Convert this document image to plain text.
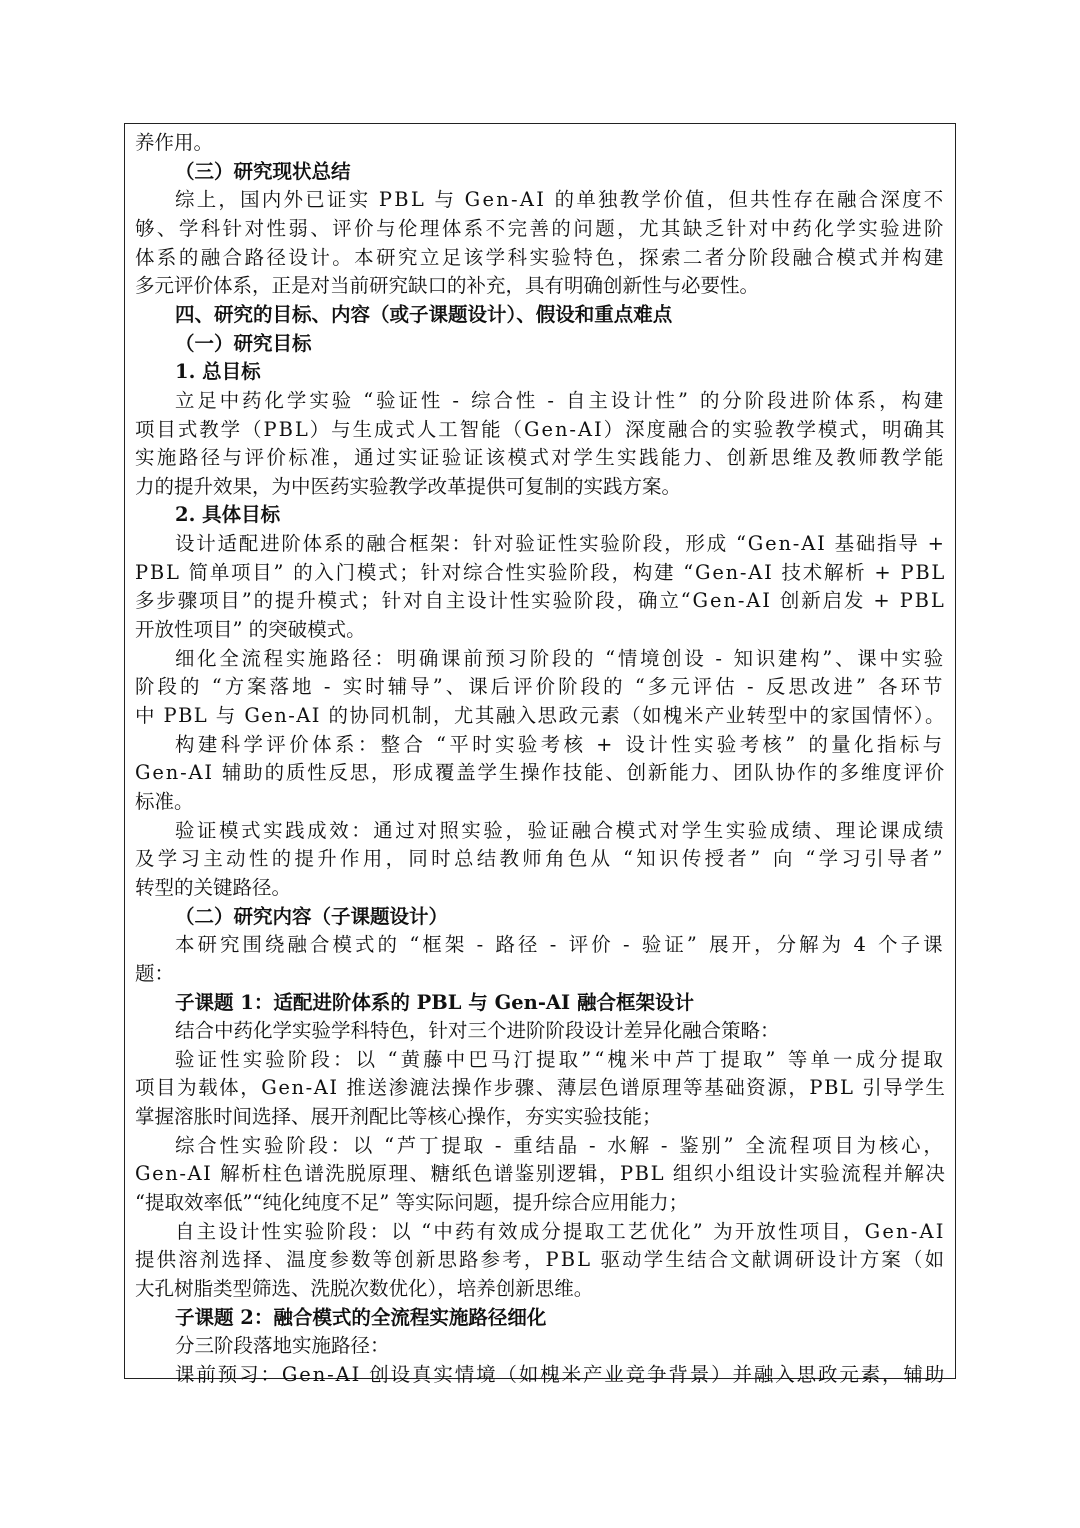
养作用。
（三）研究现状总结
综上，国内外已证实 PBL 与 Gen-AI 的单独教学价值，但共性存在融合深度不
够、学科针对性弱、评价与伦理体系不完善的问题，尤其缺乏针对中药化学实验进阶
体系的融合路径设计。本研究立足该学科实验特色，探索二者分阶段融合模式并构建
多元评价体系，正是对当前研究缺口的补充，具有明确创新性与必要性。
四、研究的目标、内容（或子课题设计）、假设和重点难点
（一）研究目标
1. 总目标
立足中药化学实验 “验证性 - 综合性 - 自主设计性” 的分阶段进阶体系，构建
项目式教学（PBL）与生成式人工智能（Gen-AI）深度融合的实验教学模式，明确其
实施路径与评价标准，通过实证验证该模式对学生实践能力、创新思维及教师教学能
力的提升效果，为中医药实验教学改革提供可复制的实践方案。
2. 具体目标
设计适配进阶体系的融合框架：针对验证性实验阶段，形成 “Gen-AI 基础指导 +
PBL 简单项目” 的入门模式；针对综合性实验阶段，构建 “Gen-AI 技术解析 + PBL
多步骤项目”的提升模式；针对自主设计性实验阶段，确立“Gen-AI 创新启发 + PBL
开放性项目” 的突破模式。
细化全流程实施路径：明确课前预习阶段的 “情境创设 - 知识建构”、课中实验
阶段的 “方案落地 - 实时辅导”、课后评价阶段的 “多元评估 - 反思改进” 各环节
中 PBL 与 Gen-AI 的协同机制，尤其融入思政元素（如槐米产业转型中的家国情怀）。
构建科学评价体系：整合 “平时实验考核 + 设计性实验考核” 的量化指标与
Gen-AI 辅助的质性反思，形成覆盖学生操作技能、创新能力、团队协作的多维度评价
标准。
验证模式实践成效：通过对照实验，验证融合模式对学生实验成绩、理论课成绩
及学习主动性的提升作用，同时总结教师角色从 “知识传授者” 向 “学习引导者”
转型的关键路径。
（二）研究内容（子课题设计）
本研究围绕融合模式的 “框架 - 路径 - 评价 - 验证” 展开，分解为 4 个子课
题：
子课题 1：适配进阶体系的 PBL 与 Gen-AI 融合框架设计
结合中药化学实验学科特色，针对三个进阶阶段设计差异化融合策略：
验证性实验阶段：以 “黄藤中巴马汀提取”“槐米中芦丁提取” 等单一成分提取
项目为载体，Gen-AI 推送渗漉法操作步骤、薄层色谱原理等基础资源，PBL 引导学生
掌握溶胀时间选择、展开剂配比等核心操作，夯实实验技能；
综合性实验阶段：以 “芦丁提取 - 重结晶 - 水解 - 鉴别” 全流程项目为核心，
Gen-AI 解析柱色谱洗脱原理、糖纸色谱鉴别逻辑，PBL 组织小组设计实验流程并解决
“提取效率低”“纯化纯度不足” 等实际问题，提升综合应用能力；
自主设计性实验阶段：以 “中药有效成分提取工艺优化” 为开放性项目，Gen-AI
提供溶剂选择、温度参数等创新思路参考，PBL 驱动学生结合文献调研设计方案（如
大孔树脂类型筛选、洗脱次数优化），培养创新思维。
子课题 2：融合模式的全流程实施路径细化
分三阶段落地实施路径：
课前预习：Gen-AI 创设真实情境（如槐米产业竞争背景）并融入思政元素，辅助
